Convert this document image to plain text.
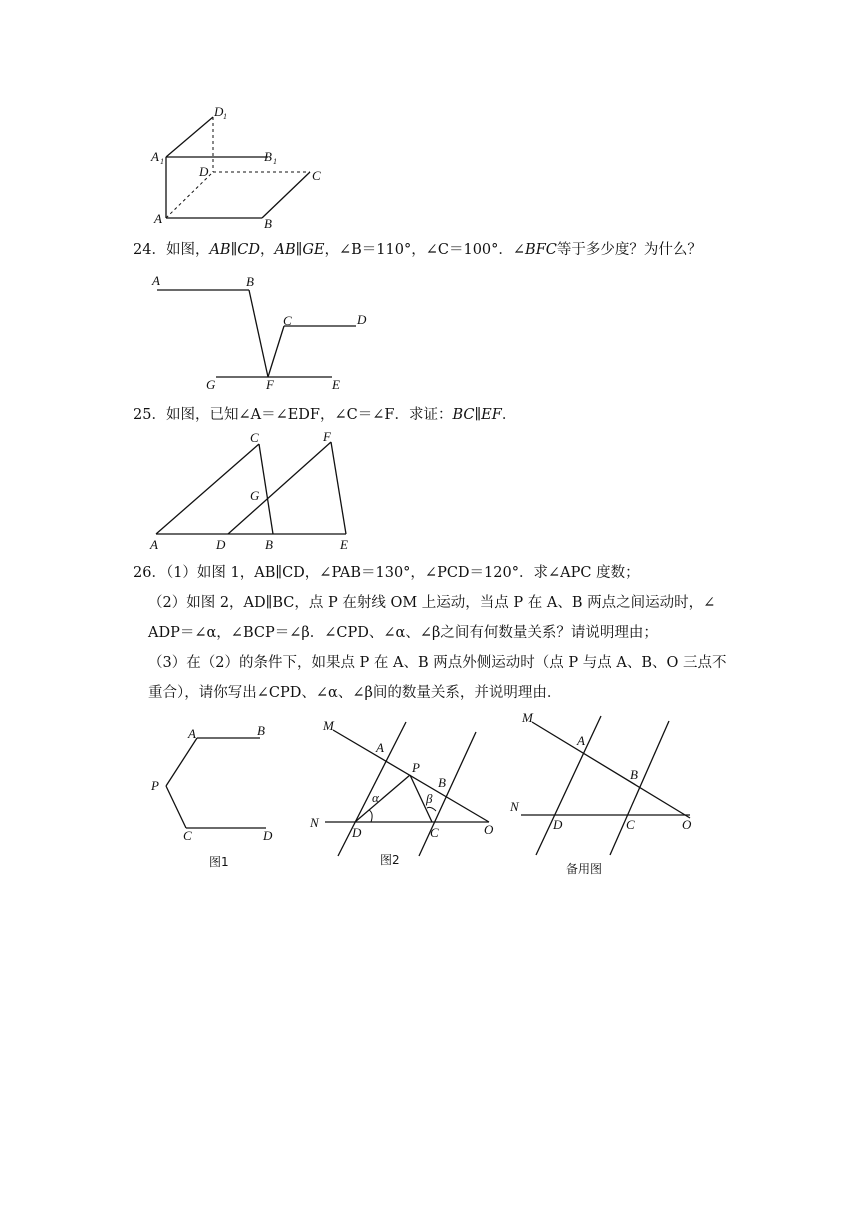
D 1
A 1	B 1
D	C
A	B
24．如图，AB∥CD，AB∥GE，∠B＝110°，∠C＝100°．∠BFC等于多少度？为什么？
A	B
C	D
G	F	E
25．如图，已知∠A＝∠EDF，∠C＝∠F．求证：BC∥EF．
C	F
G
A	D	B	E
26．（1）如图 1，AB∥CD，∠PAB＝130°，∠PCD＝120°．求∠APC 度数；
（2）如图 2，AD∥BC，点 P 在射线 OM 上运动，当点 P 在 A、B 两点之间运动时，∠
ADP＝∠α，∠BCP＝∠β．∠CPD、∠α、∠β之间有何数量关系？请说明理由；
（3）在（2）的条件下，如果点 P 在 A、B 两点外侧运动时（点 P 与点 A、B、O 三点不
重合），请你写出∠CPD、∠α、∠β间的数量关系，并说明理由．
A	B
P
C	D
图1
M
A
P
B
α	β
N
D	C	O
图2
M
A
B
N
D	C	O
备用图
